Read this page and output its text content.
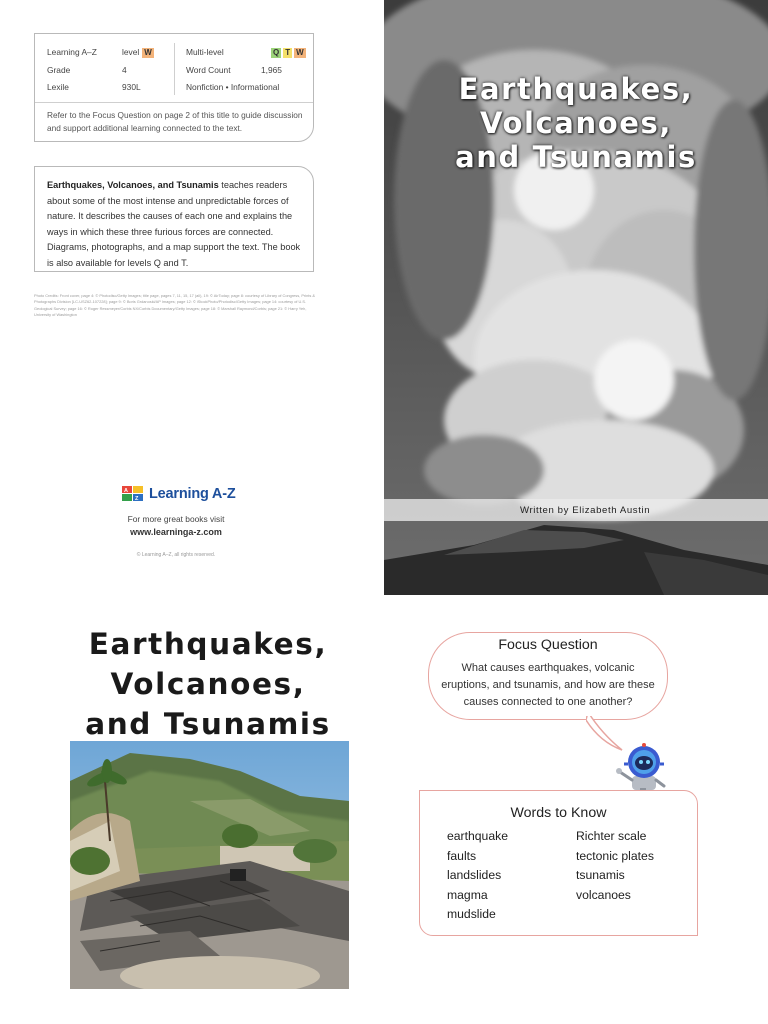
Learning A–Z
Grade
Lexile
level W
4
930L
Multi-level
Word Count
Nonfiction • Informational
Q T W
1,965
Refer to the Focus Question on page 2 of this title to guide discussion and support additional learning connected to the text.

Earthquakes, Volcanoes, and Tsunamis teaches readers about some of the most intense and unpredictable forces of nature. It describes the causes of each one and explains the ways in which these three furious forces are connected. Diagrams, photographs, and a map support the text. The book is also available for levels Q and T.

Photo Credits: Front cover, page 4: © Photodisc/Getty Images; title page, pages 7, 11, 15, 17 (all), 19: © AirToday; page 8: courtesy of Library of Congress, Prints & Photographs Division [LC-USZ62-107228]; page 9: © Boris Grdanoski/AP Images; page 12: © iStockPhoto/Photodisc/Getty Images; page 14: courtesy of U.S. Geological Survey; page 16: © Roger Ressmeyer/Corbis NX/Corbis Documentary/Getty Images; page 18: © Marshall Raymond/Corbis; page 21: © Harry Yeh, University of Washington
A
Z Learning A-Z
For more great books visit
www.learninga-z.com
© Learning A–Z, all rights reserved.
Earthquakes,
Volcanoes,
and Tsunamis
Written by Elizabeth Austin
Earthquakes,
Volcanoes,
and Tsunamis
Focus Question
What causes earthquakes, volcanic eruptions, and tsunamis, and how are these causes connected to one another?
Words to Know
earthquake
faults
landslides
magma
mudslide
Richter scale
tectonic plates
tsunamis
volcanoes
